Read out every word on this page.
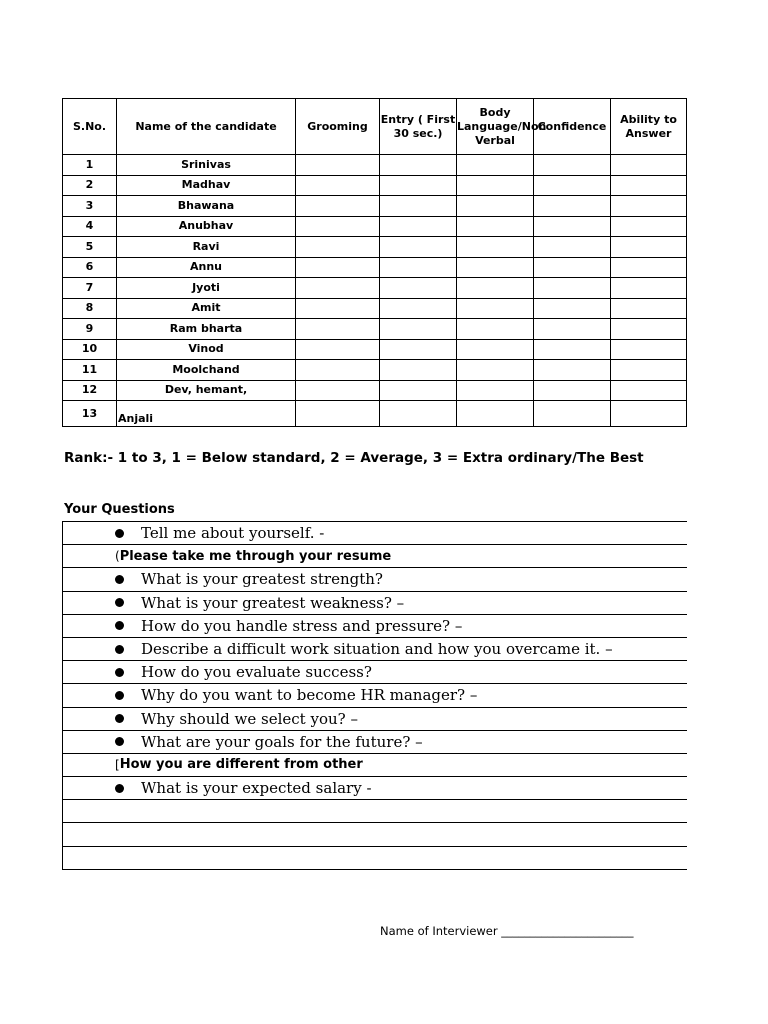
S.No.	Name of the candidate	Grooming	Entry ( First 30 sec.)	Body Language/Non Verbal	Confidence	Ability to Answer
1	Srinivas					
2	Madhav					
3	Bhawana					
4	Anubhav					
5	Ravi					
6	Annu					
7	Jyoti					
8	Amit					
9	Ram bharta					
10	Vinod					
11	Moolchand					
12	Dev, hemant,					
13	Anjali					

Rank:- 1 to 3, 1 = Below standard, 2 = Average, 3 = Extra ordinary/The Best

Your Questions

Tell me about yourself. -
( Please take me through your resume
What is your greatest strength?
What is your greatest weakness? –
How do you handle stress and pressure? –
Describe a difficult work situation and how you overcame it. –
How do you evaluate success?
Why do you want to become HR manager? –
Why should we select you? –
What are your goals for the future? –
[ How you are different from other
What is your expected salary -

Name of Interviewer _______________________
